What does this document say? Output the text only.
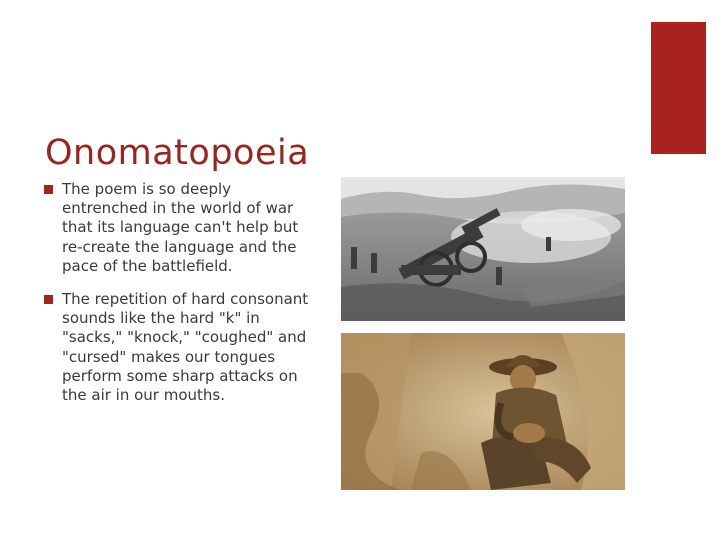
Onomatopoeia
The poem is so deeply entrenched in the world of war that its language can't help but re-create the language and the pace of the battlefield.
The repetition of hard consonant sounds like the hard "k" in "sacks," "knock," "coughed" and "cursed" makes our tongues perform some sharp attacks on the air in our mouths.
